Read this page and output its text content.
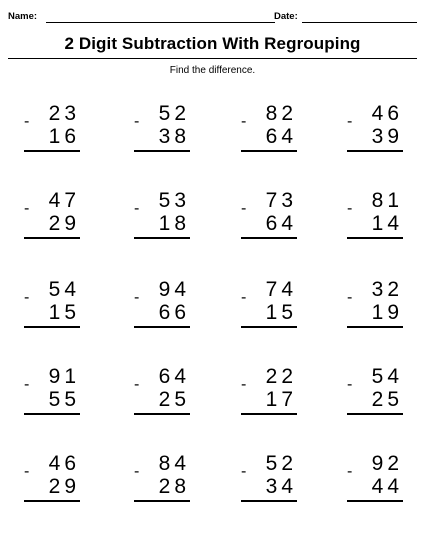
Name:	Date:
2 Digit Subtraction With Regrouping
Find the difference.
- 23
16
- 52
38
- 82
64
- 46
39
- 47
29
- 53
18
- 73
64
- 81
14
- 54
15
- 94
66
- 74
15
- 32
19
- 91
55
- 64
25
- 22
17
- 54
25
- 46
29
- 84
28
- 52
34
- 92
44
